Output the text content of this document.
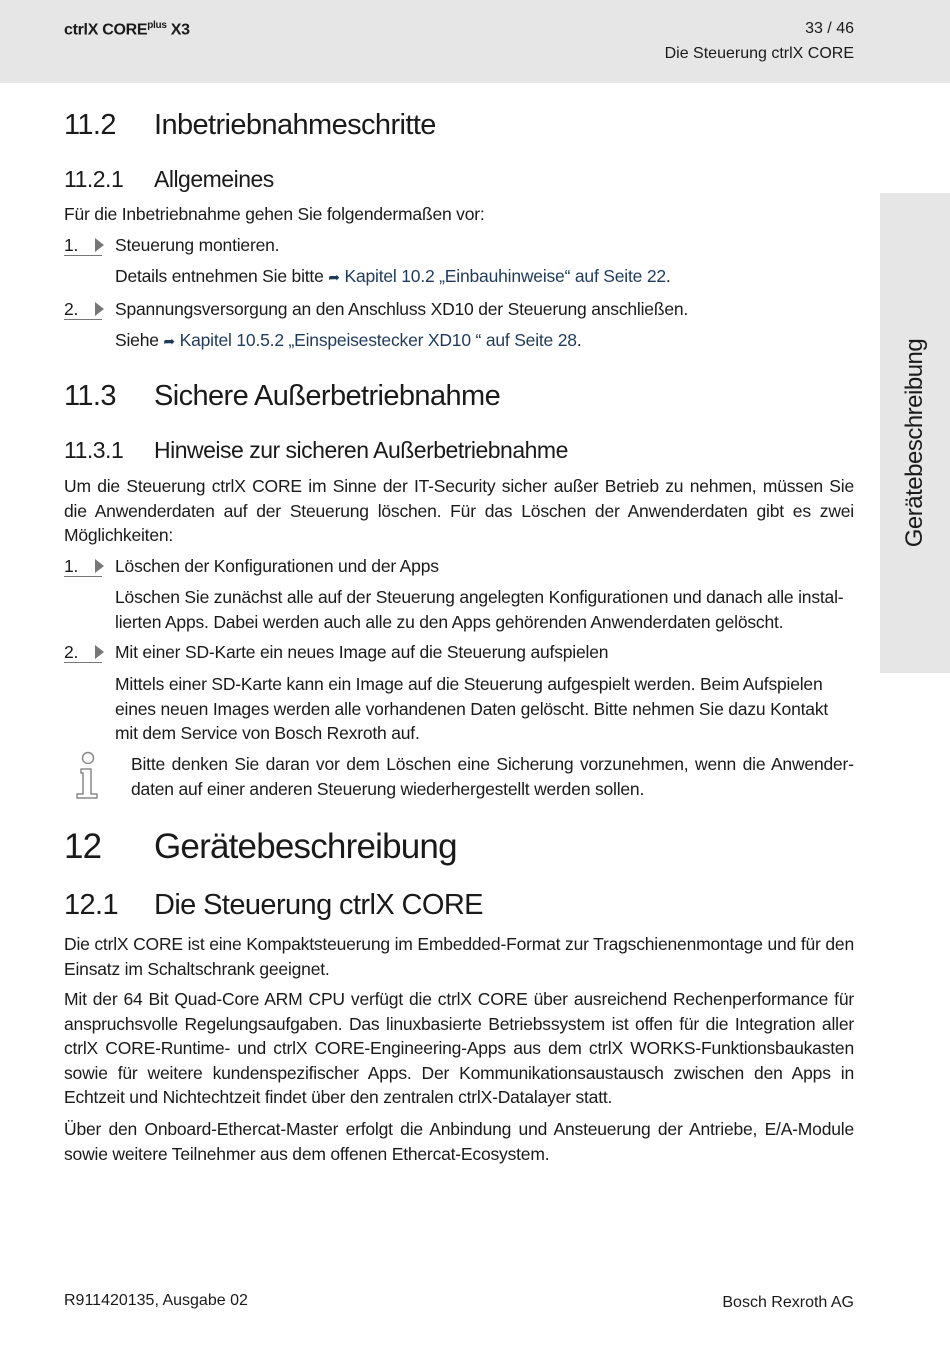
ctrlX $CORE^{plus}$ X3	33 / 46
Die Steuerung ctrlX CORE
Gerätebeschreibung
11.2 Inbetriebnahmeschritte
11.2.1 Allgemeines
Für die Inbetriebnahme gehen Sie folgendermaßen vor:
1.	Steuerung montieren.
Details entnehmen Sie bitte ➦ Kapitel 10.2 „Einbauhinweise“ auf Seite 22.
2.	Spannungsversorgung an den Anschluss XD10 der Steuerung anschließen.
Siehe ➦ Kapitel 10.5.2 „Einspeisestecker XD10 “ auf Seite 28.
11.3 Sichere Außerbetriebnahme
11.3.1 Hinweise zur sicheren Außerbetriebnahme
Um die Steuerung ctrlX CORE im Sinne der IT-Security sicher außer Betrieb zu nehmen, müssen Sie die Anwenderdaten auf der Steuerung löschen. Für das Löschen der Anwenderdaten gibt es zwei Möglichkeiten:
1.	Löschen der Konfigurationen und der Apps
Löschen Sie zunächst alle auf der Steuerung angelegten Konfigurationen und danach alle installierten Apps. Dabei werden auch alle zu den Apps gehörenden Anwenderdaten gelöscht.
2.	Mit einer SD-Karte ein neues Image auf die Steuerung aufspielen
Mittels einer SD-Karte kann ein Image auf die Steuerung aufgespielt werden. Beim Aufspielen eines neuen Images werden alle vorhandenen Daten gelöscht. Bitte nehmen Sie dazu Kontakt mit dem Service von Bosch Rexroth auf.
Bitte denken Sie daran vor dem Löschen eine Sicherung vorzunehmen, wenn die Anwenderdaten auf einer anderen Steuerung wiederhergestellt werden sollen.
12 Gerätebeschreibung
12.1 Die Steuerung ctrlX CORE
Die ctrlX CORE ist eine Kompaktsteuerung im Embedded-Format zur Tragschienenmontage und für den Einsatz im Schaltschrank geeignet.
Mit der 64 Bit Quad-Core ARM CPU verfügt die ctrlX CORE über ausreichend Rechenperformance für anspruchsvolle Regelungsaufgaben. Das linuxbasierte Betriebssystem ist offen für die Integration aller ctrlX CORE-Runtime- und ctrlX CORE-Engineering-Apps aus dem ctrlX WORKS-Funktionsbaukasten sowie für weitere kundenspezifischer Apps. Der Kommunikationsaustausch zwischen den Apps in Echtzeit und Nichtechtzeit findet über den zentralen ctrlX-Datalayer statt.
Über den Onboard-Ethercat-Master erfolgt die Anbindung und Ansteuerung der Antriebe, E/A-Module sowie weitere Teilnehmer aus dem offenen Ethercat-Ecosystem.
R911420135, Ausgabe 02	Bosch Rexroth AG
